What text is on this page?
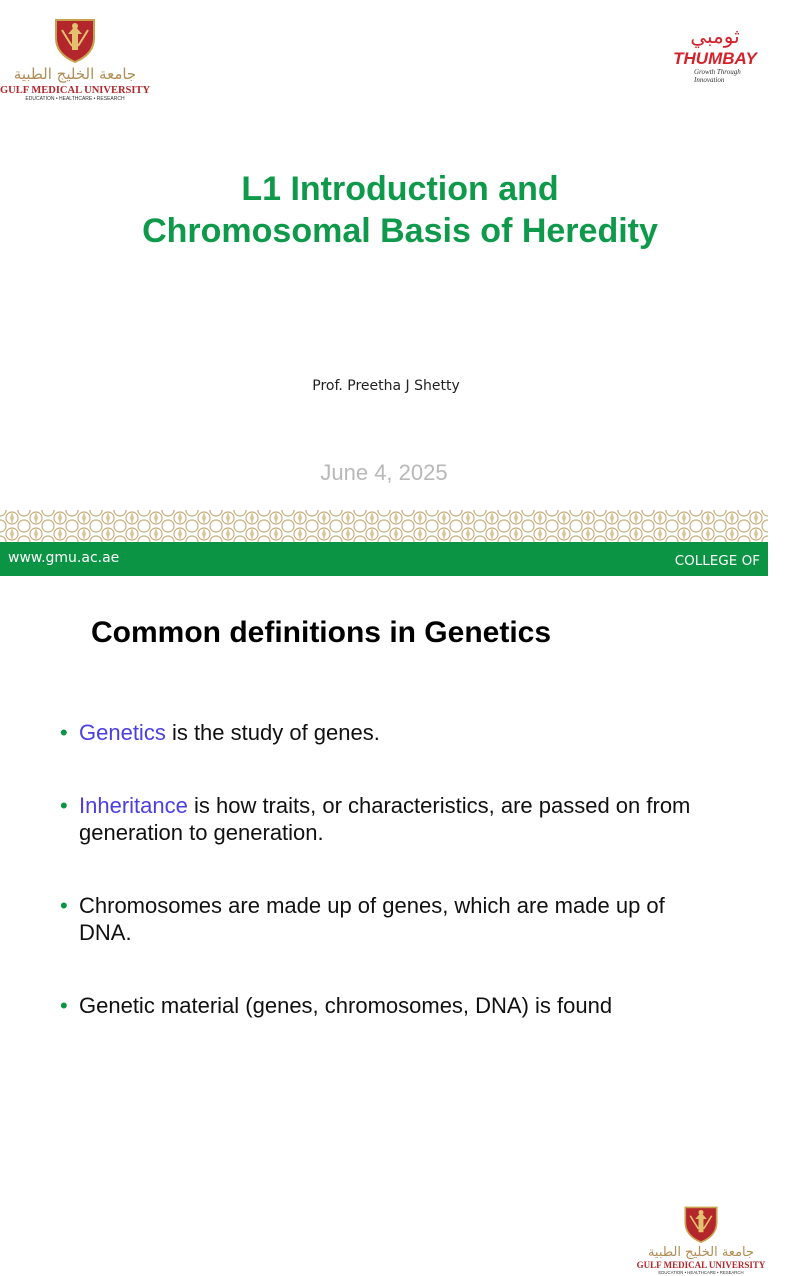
جامعة الخليج الطبية
GULF MEDICAL UNIVERSITY
EDUCATION • HEALTHCARE • RESEARCH
ثومبي
THUMBAY
Growth Through Innovation
L1 Introduction and
Chromosomal Basis of Heredity
Prof. Preetha J Shetty
June 4, 2025
www.gmu.ac.ae	COLLEGE OF
Common definitions in Genetics
• Genetics is the study of genes.
• Inheritance is how traits, or characteristics, are passed on from generation to generation.
• Chromosomes are made up of genes, which are made up of DNA.
• Genetic material (genes, chromosomes, DNA) is found
جامعة الخليج الطبية
GULF MEDICAL UNIVERSITY
EDUCATION • HEALTHCARE • RESEARCH
